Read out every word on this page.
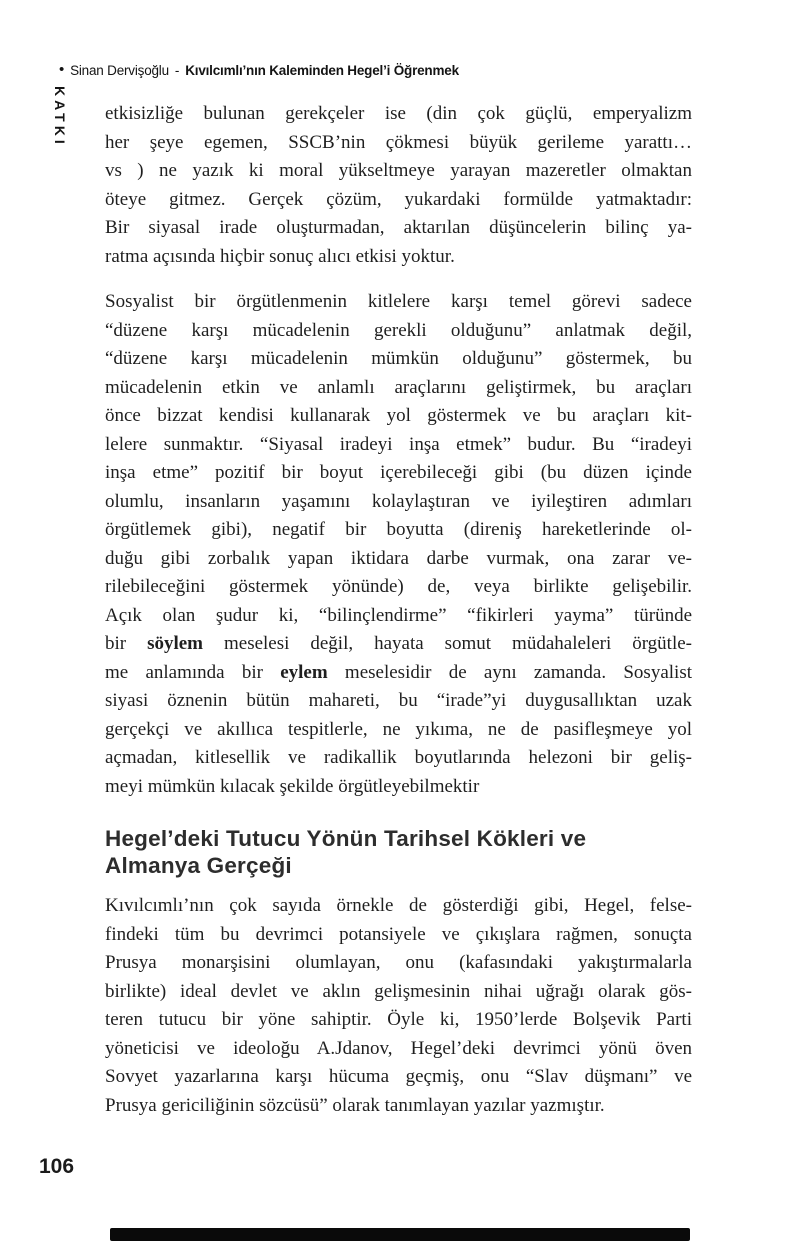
• Sinan Dervişoğlu - Kıvılcımlı’nın Kaleminden Hegel’i Öğrenmek
KATKI etkisizliğe bulunan gerekçeler ise (din çok güçlü, emperyalizm
her şeye egemen, SSCB’nin çökmesi büyük gerileme yarattı…
vs ) ne yazık ki moral yükseltmeye yarayan mazeretler olmaktan
öteye gitmez. Gerçek çözüm, yukardaki formülde yatmaktadır:
Bir siyasal irade oluşturmadan, aktarılan düşüncelerin bilinç ya-
ratma açısında hiçbir sonuç alıcı etkisi yoktur.
Sosyalist bir örgütlenmenin kitlelere karşı temel görevi sadece
“düzene karşı mücadelenin gerekli olduğunu” anlatmak değil,
“düzene karşı mücadelenin mümkün olduğunu” göstermek, bu
mücadelenin etkin ve anlamlı araçlarını geliştirmek, bu araçları
önce bizzat kendisi kullanarak yol göstermek ve bu araçları kit-
lelere sunmaktır. “Siyasal iradeyi inşa etmek” budur. Bu “iradeyi
inşa etme” pozitif bir boyut içerebileceği gibi (bu düzen içinde
olumlu, insanların yaşamını kolaylaştıran ve iyileştiren adımları
örgütlemek gibi), negatif bir boyutta (direniş hareketlerinde ol-
duğu gibi zorbalık yapan iktidara darbe vurmak, ona zarar ve-
rilebileceğini göstermek yönünde) de, veya birlikte gelişebilir.
Açık olan şudur ki, “bilinçlendirme” “fikirleri yayma” türünde
bir söylem meselesi değil, hayata somut müdahaleleri örgütle-
me anlamında bir eylem meselesidir de aynı zamanda. Sosyalist
siyasi öznenin bütün mahareti, bu “irade”yi duygusallıktan uzak
gerçekçi ve akıllıca tespitlerle, ne yıkıma, ne de pasifleşmeye yol
açmadan, kitlesellik ve radikallik boyutlarında helezoni bir geliş-
meyi mümkün kılacak şekilde örgütleyebilmektir
Hegel’deki Tutucu Yönün Tarihsel Kökleri ve
Almanya Gerçeği
Kıvılcımlı’nın çok sayıda örnekle de gösterdiği gibi, Hegel, felse-
findeki tüm bu devrimci potansiyele ve çıkışlara rağmen, sonuçta
Prusya monarşisini olumlayan, onu (kafasındaki yakıştırmalarla
birlikte) ideal devlet ve aklın gelişmesinin nihai uğrağı olarak gös-
teren tutucu bir yöne sahiptir. Öyle ki, 1950’lerde Bolşevik Parti
yöneticisi ve ideoloğu A.Jdanov, Hegel’deki devrimci yönü öven
Sovyet yazarlarına karşı hücuma geçmiş, onu “Slav düşmanı” ve
Prusya gericiliğinin sözcüsü” olarak tanımlayan yazılar yazmıştır.
106
